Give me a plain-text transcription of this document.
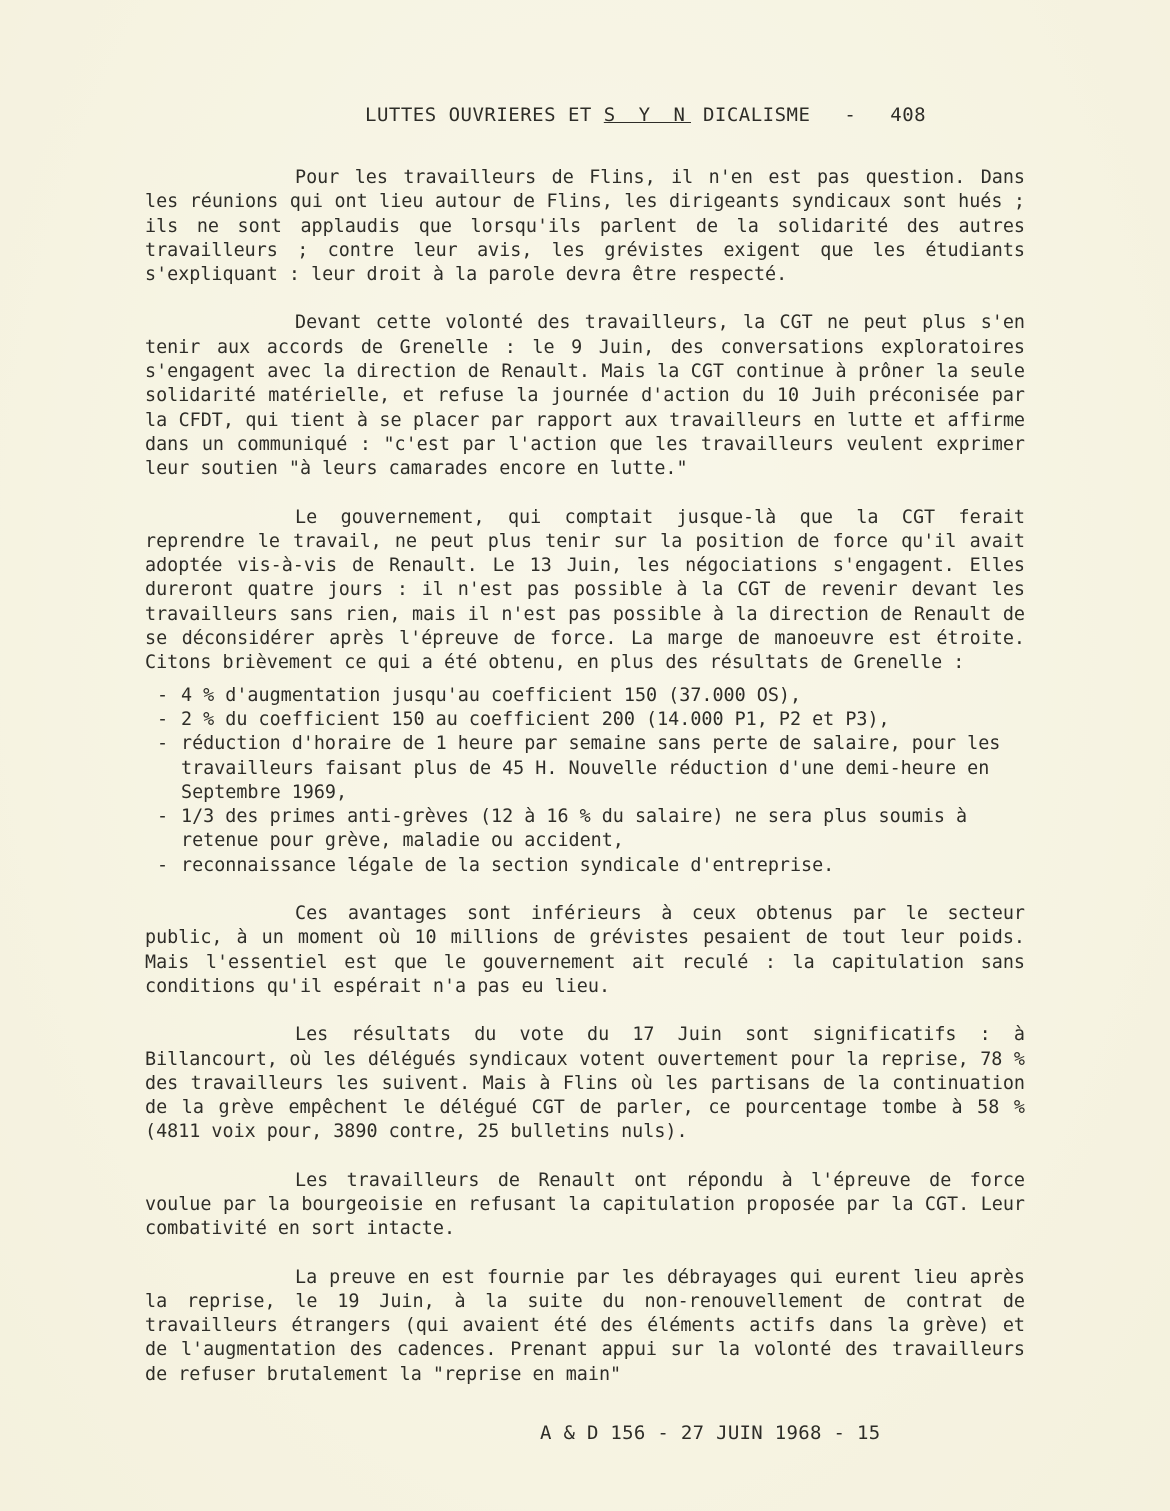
LUTTES OUVRIERES ET S Y N DICALISME - 408

Pour les travailleurs de Flins, il n'en est pas question. Dans les réunions qui ont lieu autour de Flins, les dirigeants syndicaux sont hués ; ils ne sont applaudis que lorsqu'ils parlent de la solidarité des autres travailleurs ; contre leur avis, les grévistes exigent que les étudiants s'expliquant : leur droit à la parole devra être respecté.

Devant cette volonté des travailleurs, la CGT ne peut plus s'en tenir aux accords de Grenelle : le 9 Juin, des conversations exploratoires s'engagent avec la direction de Renault. Mais la CGT continue à prôner la seule solidarité matérielle, et refuse la journée d'action du 10 Juih préconisée par la CFDT, qui tient à se placer par rapport aux travailleurs en lutte et affirme dans un communiqué : "c'est par l'action que les travailleurs veulent exprimer leur soutien "à leurs camarades encore en lutte."

Le gouvernement, qui comptait jusque-là que la CGT ferait reprendre le travail, ne peut plus tenir sur la position de force qu'il avait adoptée vis-à-vis de Renault. Le 13 Juin, les négociations s'engagent. Elles dureront quatre jours : il n'est pas possible à la CGT de revenir devant les travailleurs sans rien, mais il n'est pas possible à la direction de Renault de se déconsidérer après l'épreuve de force. La marge de manoeuvre est étroite. Citons brièvement ce qui a été obtenu, en plus des résultats de Grenelle :

- 4 % d'augmentation jusqu'au coefficient 150 (37.000 OS),
- 2 % du coefficient 150 au coefficient 200 (14.000 P1, P2 et P3),
- réduction d'horaire de 1 heure par semaine sans perte de salaire, pour les travailleurs faisant plus de 45 H. Nouvelle réduction d'une demi-heure en Septembre 1969,
- 1/3 des primes anti-grèves (12 à 16 % du salaire) ne sera plus soumis à retenue pour grève, maladie ou accident,
- reconnaissance légale de la section syndicale d'entreprise.

Ces avantages sont inférieurs à ceux obtenus par le secteur public, à un moment où 10 millions de grévistes pesaient de tout leur poids. Mais l'essentiel est que le gouvernement ait reculé : la capitulation sans conditions qu'il espérait n'a pas eu lieu.

Les résultats du vote du 17 Juin sont significatifs : à Billancourt, où les délégués syndicaux votent ouvertement pour la reprise, 78 % des travailleurs les suivent. Mais à Flins où les partisans de la continuation de la grève empêchent le délégué CGT de parler, ce pourcentage tombe à 58 % (4811 voix pour, 3890 contre, 25 bulletins nuls).

Les travailleurs de Renault ont répondu à l'épreuve de force voulue par la bourgeoisie en refusant la capitulation proposée par la CGT. Leur combativité en sort intacte.

La preuve en est fournie par les débrayages qui eurent lieu après la reprise, le 19 Juin, à la suite du non-renouvellement de contrat de travailleurs étrangers (qui avaient été des éléments actifs dans la grève) et de l'augmentation des cadences. Prenant appui sur la volonté des travailleurs de refuser brutalement la "reprise en main"

A & D 156 - 27 JUIN 1968 - 15
